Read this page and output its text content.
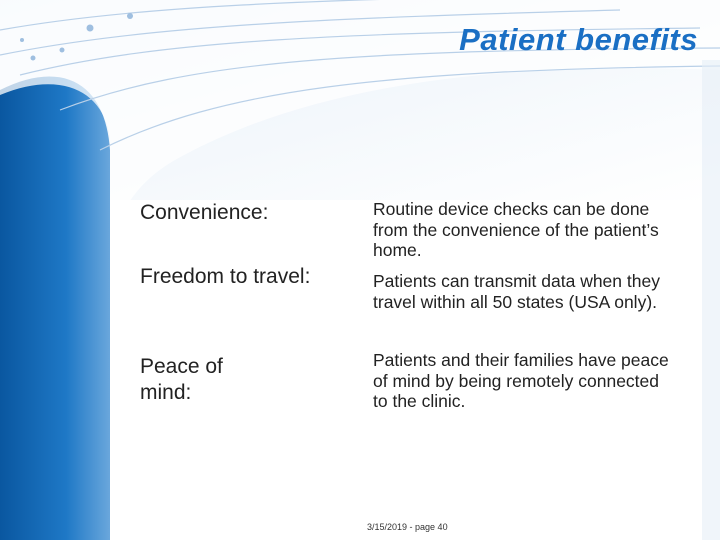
Patient benefits
Convenience:	Routine device checks can be done from the convenience of the patient’s home.
Freedom to travel:	Patients can transmit data when they travel within all 50 states (USA only).
Peace of mind:
Patients and their families have peace of mind by being remotely connected to the clinic.
3/15/2019 - page 40
